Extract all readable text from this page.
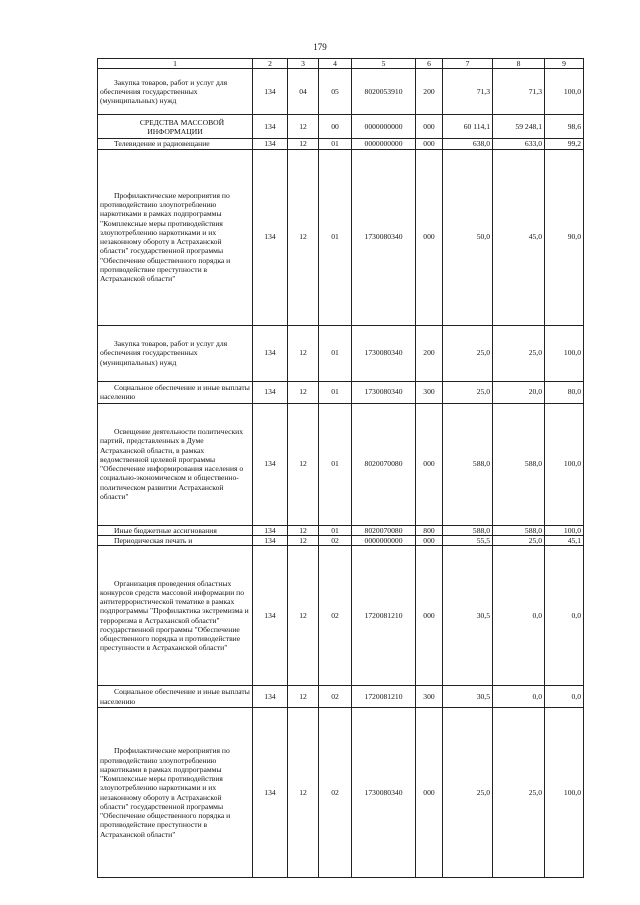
179
1	2	3	4	5	6	7	8	9

Закупка товаров, работ и услуг для обеспечения государственных (муниципальных) нужд	134	04	05	8020053910	200	71,3	71,3	100,0

СРЕДСТВА МАССОВОЙ ИНФОРМАЦИИ	134	12	00	0000000000	000	60 114,1	59 248,1	98,6

Телевидение и радиовещание	134	12	01	0000000000	000	638,0	633,0	99,2

Профилактические мероприятия по противодействию злоупотреблению наркотиками в рамках подпрограммы "Комплексные меры противодействия злоупотреблению наркотиками и их незаконному обороту в Астраханской области" государственной программы "Обеспечение общественного порядка и противодействие преступности в Астраханской области"	134	12	01	1730080340	000	50,0	45,0	90,0

Закупка товаров, работ и услуг для обеспечения государственных (муниципальных) нужд	134	12	01	1730080340	200	25,0	25,0	100,0

Социальное обеспечение и иные выплаты населению	134	12	01	1730080340	300	25,0	20,0	80,0

Освещение деятельности политических партий, представленных в Думе Астраханской области, в рамках ведомственной целевой программы "Обеспечение информирования населения о социально-экономическом и общественно-политическом развитии Астраханской области"	134	12	01	8020070080	000	588,0	588,0	100,0

Иные бюджетные ассигнования	134	12	01	8020070080	800	588,0	588,0	100,0

Периодическая печать и	134	12	02	0000000000	000	55,5	25,0	45,1

Организация проведения областных конкурсов средств массовой информации по антитеррористической тематике в рамках подпрограммы "Профилактика экстремизма и терроризма в Астраханской области" государственной программы "Обеспечение общественного порядка и противодействие преступности в Астраханской области"	134	12	02	1720081210	000	30,5	0,0	0,0

Социальное обеспечение и иные выплаты населению	134	12	02	1720081210	300	30,5	0,0	0,0

Профилактические мероприятия по противодействию злоупотреблению наркотиками в рамках подпрограммы "Комплексные меры противодействия злоупотреблению наркотиками и их незаконному обороту в Астраханской области" государственной программы "Обеспечение общественного порядка и противодействие преступности в Астраханской области"	134	12	02	1730080340	000	25,0	25,0	100,0
